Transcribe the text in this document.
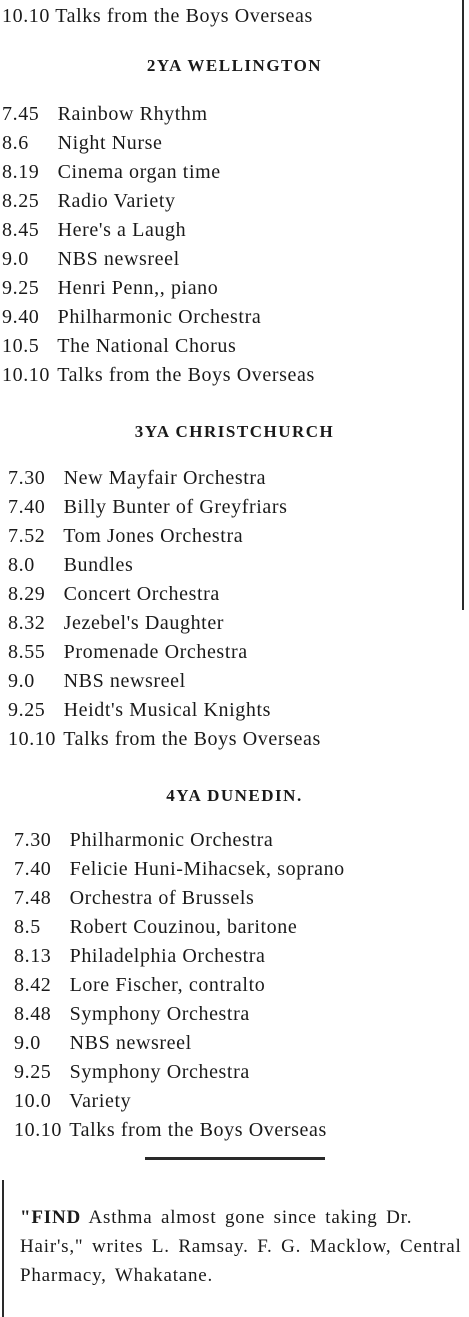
10.10 Talks from the Boys Overseas
2YA WELLINGTON
7.45 Rainbow Rhythm
8.6 Night Nurse
8.19 Cinema organ time
8.25 Radio Variety
8.45 Here's a Laugh
9.0 NBS newsreel
9.25 Henri Penn,, piano
9.40 Philharmonic Orchestra
10.5 The National Chorus
10.10 Talks from the Boys Overseas
3YA CHRISTCHURCH
7.30 New Mayfair Orchestra
7.40 Billy Bunter of Greyfriars
7.52 Tom Jones Orchestra
8.0 Bundles
8.29 Concert Orchestra
8.32 Jezebel's Daughter
8.55 Promenade Orchestra
9.0 NBS newsreel
9.25 Heidt's Musical Knights
10.10 Talks from the Boys Overseas
4YA DUNEDIN.
7.30 Philharmonic Orchestra
7.40 Felicie Huni-Mihacsek, soprano
7.48 Orchestra of Brussels
8.5 Robert Couzinou, baritone
8.13 Philadelphia Orchestra
8.42 Lore Fischer, contralto
8.48 Symphony Orchestra
9.0 NBS newsreel
9.25 Symphony Orchestra
10.0 Variety
10.10 Talks from the Boys Overseas
"FIND Asthma almost gone since taking Dr. Hair's," writes L. Ramsay. F. G. Macklow, Central Pharmacy, Whakatane.
